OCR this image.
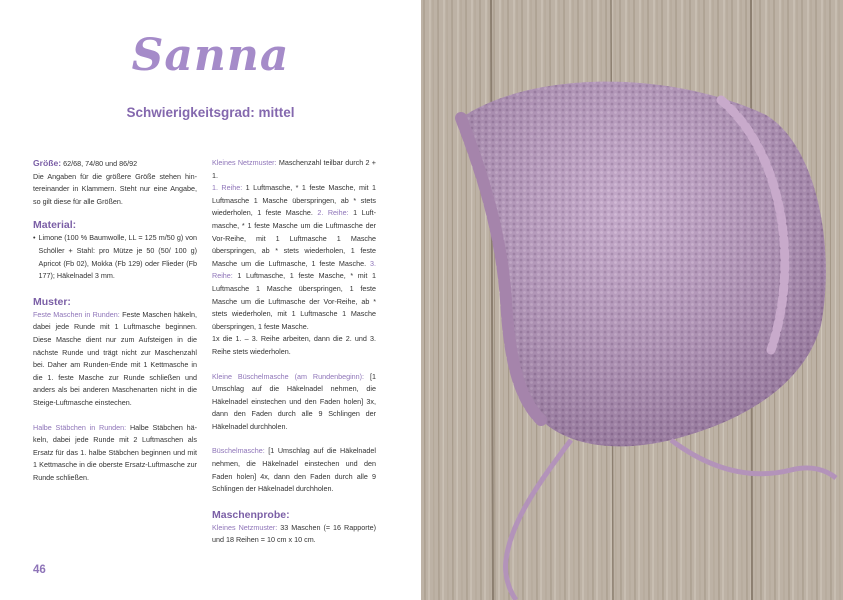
Sanna
Schwierigkeitsgrad: mittel

Größe: 62/68, 74/80 und 86/92

Die Angaben für die größere Größe stehen hintereinander in Klammern. Steht nur eine Angabe, so gilt diese für alle Größen.

Material:

• Limone (100 % Baumwolle, LL = 125 m/50 g) von Schöller + Stahl: pro Mütze je 50 (50/ 100 g) Apricot (Fb 02), Mokka (Fb 129) oder Flieder (Fb 177); Häkelnadel 3 mm.

Muster:

Feste Maschen in Runden: Feste Maschen häkeln, dabei jede Runde mit 1 Luftmasche beginnen. Diese Masche dient nur zum Aufsteigen in die nächste Runde und trägt nicht zur Maschenzahl bei. Daher am Runden-Ende mit 1 Kettmasche in die 1. feste Masche zur Runde schließen und anders als bei anderen Maschenarten nicht in die Steige-Luftmasche einstechen.

Halbe Stäbchen in Runden: Halbe Stäbchen häkeln, dabei jede Runde mit 2 Luftmaschen als Ersatz für das 1. halbe Stäbchen beginnen und mit 1 Kettmasche in die oberste Ersatz-Luftmasche zur Runde schließen.

Kleines Netzmuster: Maschenzahl teilbar durch 2 + 1.

1. Reihe: 1 Luftmasche, * 1 feste Masche, mit 1 Luftmasche 1 Masche überspringen, ab * stets wiederholen, 1 feste Masche. 2. Reihe: 1 Luftmasche, * 1 feste Masche um die Luftmasche der Vor-Reihe, mit 1 Luftmasche 1 Masche überspringen, ab * stets wiederholen, 1 feste Masche um die Luftmasche, 1 feste Masche. 3. Reihe: 1 Luftmasche, 1 feste Masche, * mit 1 Luftmasche 1 Masche überspringen, 1 feste Masche um die Luftmasche der Vor-Reihe, ab * stets wiederholen, mit 1 Luftmasche 1 Masche überspringen, 1 feste Masche.

1x die 1. – 3. Reihe arbeiten, dann die 2. und 3. Reihe stets wiederholen.

Kleine Büschelmasche (am Rundenbeginn): [1 Umschlag auf die Häkelnadel nehmen, die Häkelnadel einstechen und den Faden holen] 3x, dann den Faden durch alle 9 Schlingen der Häkelnadel durchholen.

Büschelmasche: [1 Umschlag auf die Häkelnadel nehmen, die Häkelnadel einstechen und den Faden holen] 4x, dann den Faden durch alle 9 Schlingen der Häkelnadel durchholen.

Maschenprobe:

Kleines Netzmuster: 33 Maschen (= 16 Rapporte) und 18 Reihen = 10 cm x 10 cm.

46
